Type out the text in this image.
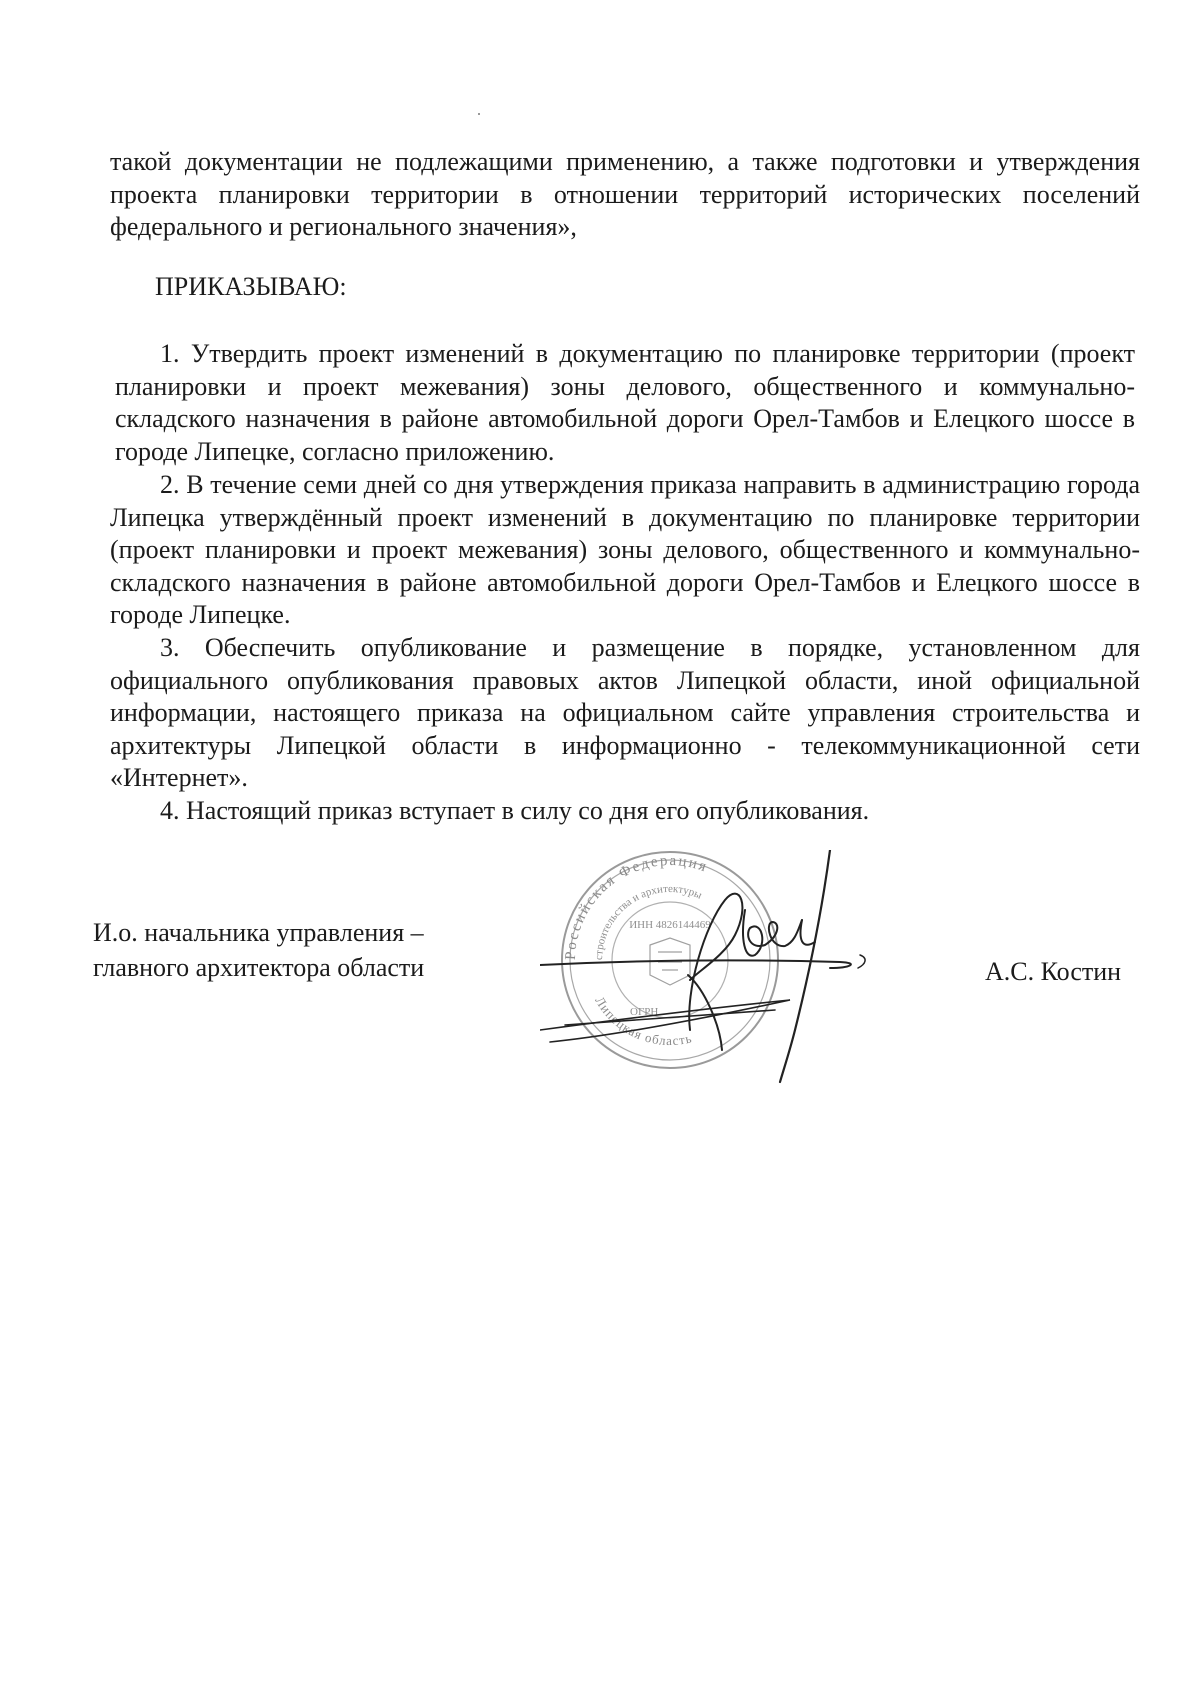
такой документации не подлежащими применению, а также подготовки и утверждения проекта планировки территории в отношении территорий исторических поселений федерального и регионального значения»,

ПРИКАЗЫВАЮ:

1. Утвердить проект изменений в документацию по планировке территории (проект планировки и проект межевания) зоны делового, общественного и коммунально-складского назначения в районе автомобильной дороги Орел-Тамбов и Елецкого шоссе в городе Липецке, согласно приложению.

2. В течение семи дней со дня утверждения приказа направить в администрацию города Липецка утверждённый проект изменений в документацию по планировке территории (проект планировки и проект межевания) зоны делового, общественного и коммунально-складского назначения в районе автомобильной дороги Орел-Тамбов и Елецкого шоссе в городе Липецке.

3. Обеспечить опубликование и размещение в порядке, установленном для официального опубликования правовых актов Липецкой области, иной официальной информации, настоящего приказа на официальном сайте управления строительства и архитектуры Липецкой области в информационно - телекоммуникационной сети «Интернет».

4. Настоящий приказ вступает в силу со дня его опубликования.

И.о. начальника управления –
главного архитектора области	Российская Федерация
строительства и архитектуры
Липецкая область
ИНН 4826144469
ОГРН

А.С. Костин
